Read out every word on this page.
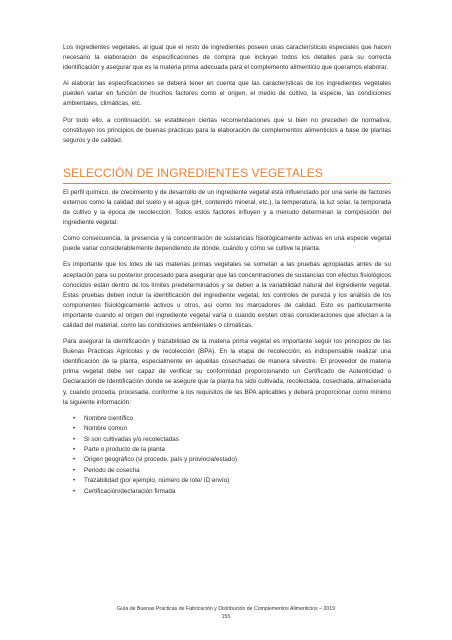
Los ingredientes vegetales, al igual que el resto de ingredientes poseen unas características especiales que hacen necesario la elaboración de especificaciones de compra que incluyan todos los detalles para su correcta identificación y asegurar que es la materia prima adecuada para el complemento alimenticio que queramos elaborar.

Al elaborar las especificaciones se deberá tener en cuenta que las características de los ingredientes vegetales pueden variar en función de muchos factores como el origen, el medio de cultivo, la especie, las condiciones ambientales, climáticas, etc.

Por todo ello, a continuación, se establecen ciertas recomendaciones que si bien no preceden de normativa, constituyen los principios de buenas prácticas para la elaboración de complementos alimenticios a base de plantas seguros y de calidad.

SELECCIÓN DE INGREDIENTES VEGETALES

El perfil químico, de crecimiento y de desarrollo de un ingrediente vegetal está influenciado por una serie de factores externos como la calidad del suelo y el agua (pH, contenido mineral, etc.), la temperatura, la luz solar, la temporada de cultivo y la época de recolección. Todos estos factores influyen y a menudo determinan la composición del ingrediente vegetal.

Como consecuencia, la presencia y la concentración de sustancias fisiológicamente activas en una especie vegetal puede variar considerablemente dependiendo de dónde, cuándo y cómo se cultive la planta.

Es importante que los lotes de las materias primas vegetales se sometan a las pruebas apropiadas antes de su aceptación para su posterior procesado para asegurar que las concentraciones de sustancias con efectos fisiológicos conocidos están dentro de los límites predeterminados y se deben a la variabilidad natural del ingrediente vegetal. Estas pruebas deben incluir la identificación del ingrediente vegetal, los controles de pureza y los análisis de los componentes fisiológicamente activos u otros, así como los marcadores de calidad. Esto es particularmente importante cuando el origen del ingrediente vegetal varía o cuando existen otras consideraciones que afectan a la calidad del material, como las condiciones ambientales o climáticas.

Para asegurar la identificación y trazabilidad de la materia prima vegetal es importante seguir los principios de las Buenas Prácticas Agrícolas y de recolección (BPA). En la etapa de recolección, es indispensable realizar una identificación de la planta, especialmente en aquéllas cosechadas de manera silvestre. El proveedor de materia prima vegetal debe ser capaz de verificar su conformidad proporcionando un Certificado de Autenticidad o Declaración de Identificación donde se asegure que la planta ha sido cultivada, recolectada, cosechada, almacenada y, cuando proceda, procesada, conforme a los requisitos de las BPA aplicables y deberá proporcionar como mínimo la siguiente información:

• Nombre científico
• Nombre común
• Si son cultivadas y/o recolectadas
• Parte o producto de la planta
• Origen geográfico (si procede, país y provincia/estado)
• Periodo de cosecha
• Trazabilidad (por ejemplo, número de lote/ ID envío)
• Certificación/declaración firmada
Guía de Buenas Prácticas de Fabricación y Distribución de Complementos Alimenticios – 2019
155
